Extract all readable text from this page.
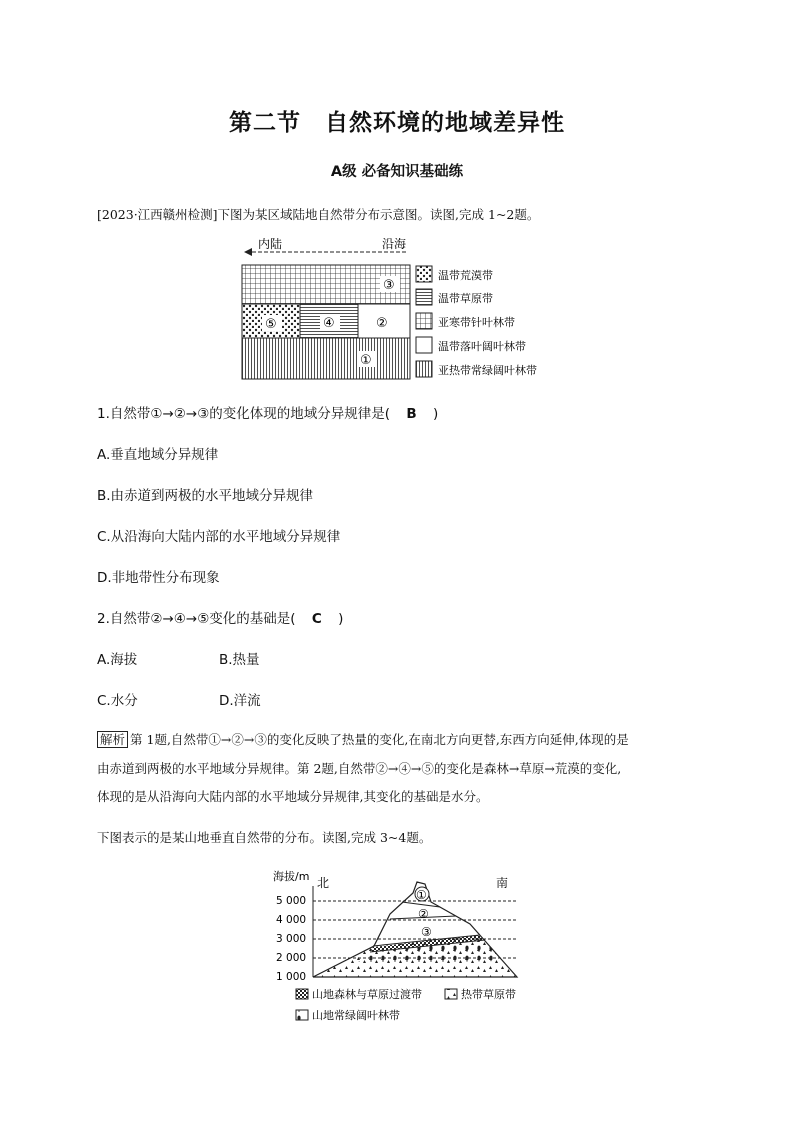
第二节　自然环境的地域差异性
A级 必备知识基础练
[2023·江西赣州检测]下图为某区域陆地自然带分布示意图。读图,完成 1~2题。
内陆	沿海
③
⑤	④	②
①
温带荒漠带
温带草原带
亚寒带针叶林带
温带落叶阔叶林带
亚热带常绿阔叶林带
1.自然带①→②→③的变化体现的地域分异规律是( B )
A.垂直地域分异规律
B.由赤道到两极的水平地域分异规律
C.从沿海向大陆内部的水平地域分异规律
D.非地带性分布现象
2.自然带②→④→⑤变化的基础是( C )
A.海拔	B.热量
C.水分	D.洋流
解析 第 1题,自然带①→②→③的变化反映了热量的变化,在南北方向更替,东西方向延伸,体现的是
由赤道到两极的水平地域分异规律。第 2题,自然带②→④→⑤的变化是森林→草原→荒漠的变化,
体现的是从沿海向大陆内部的水平地域分异规律,其变化的基础是水分。
下图表示的是某山地垂直自然带的分布。读图,完成 3~4题。
海拔/m 北	南
5 000
4 000
3 000
2 000
1 000
①
②
③
山地森林与草原过渡带	热带草原带
山地常绿阔叶林带
